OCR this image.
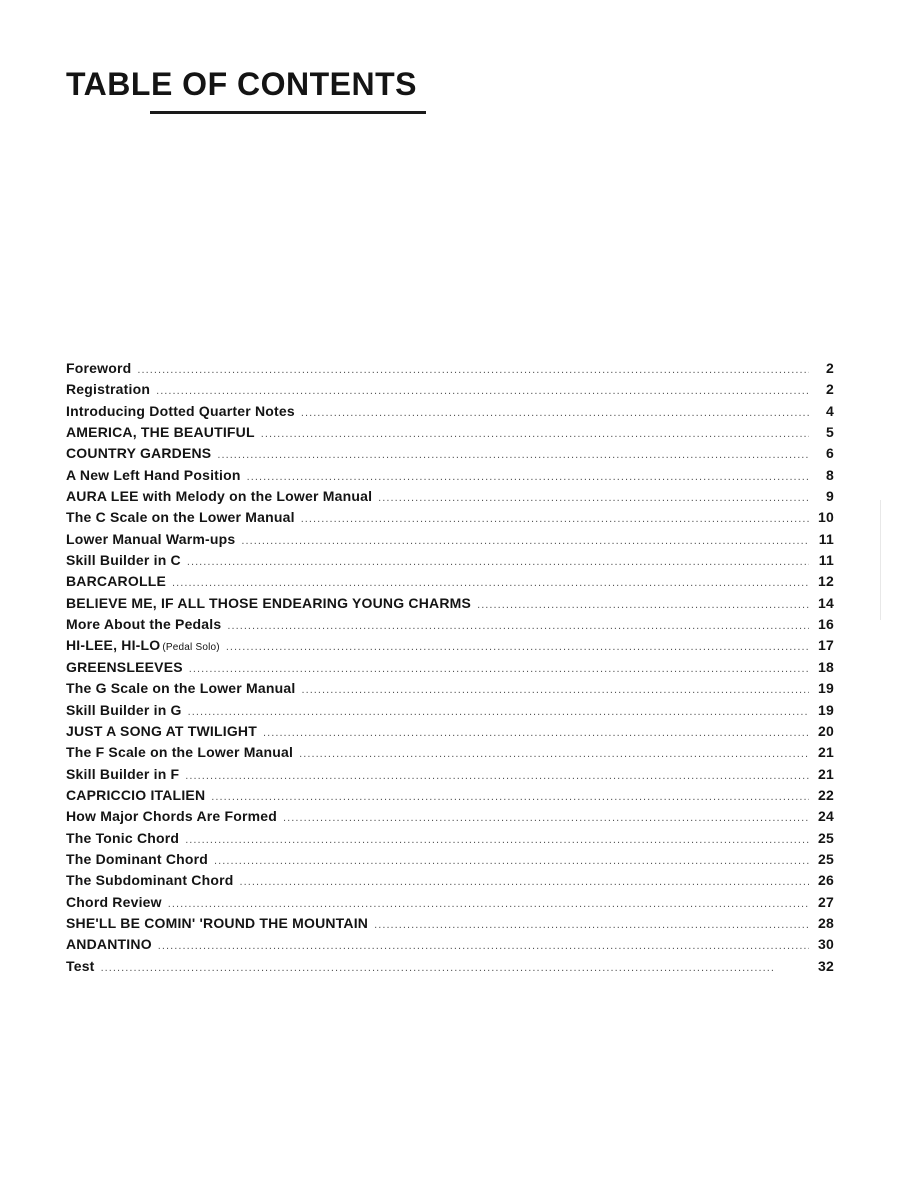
TABLE OF CONTENTS
Foreword . . .	2
Registration . . .	2
Introducing Dotted Quarter Notes . . .	4
AMERICA, THE BEAUTIFUL . . .	5
COUNTRY GARDENS . . .	6
A New Left Hand Position . . .	8
AURA LEE with Melody on the Lower Manual . . .	9
The C Scale on the Lower Manual . . .	10
Lower Manual Warm-ups . . .	11
Skill Builder in C . . .	11
BARCAROLLE . . .	12
BELIEVE ME, IF ALL THOSE ENDEARING YOUNG CHARMS . . .	14
More About the Pedals . . .	16
HI-LEE, HI-LO (Pedal Solo) . . .	17
GREENSLEEVES . . .	18
The G Scale on the Lower Manual . . .	19
Skill Builder in G . . .	19
JUST A SONG AT TWILIGHT . . .	20
The F Scale on the Lower Manual . . .	21
Skill Builder in F . . .	21
CAPRICCIO ITALIEN . . .	22
How Major Chords Are Formed . . .	24
The Tonic Chord . . .	25
The Dominant Chord . . .	25
The Subdominant Chord . . .	26
Chord Review . . .	27
SHE'LL BE COMIN' 'ROUND THE MOUNTAIN . . .	28
ANDANTINO . . .	30
Test . . .	32
